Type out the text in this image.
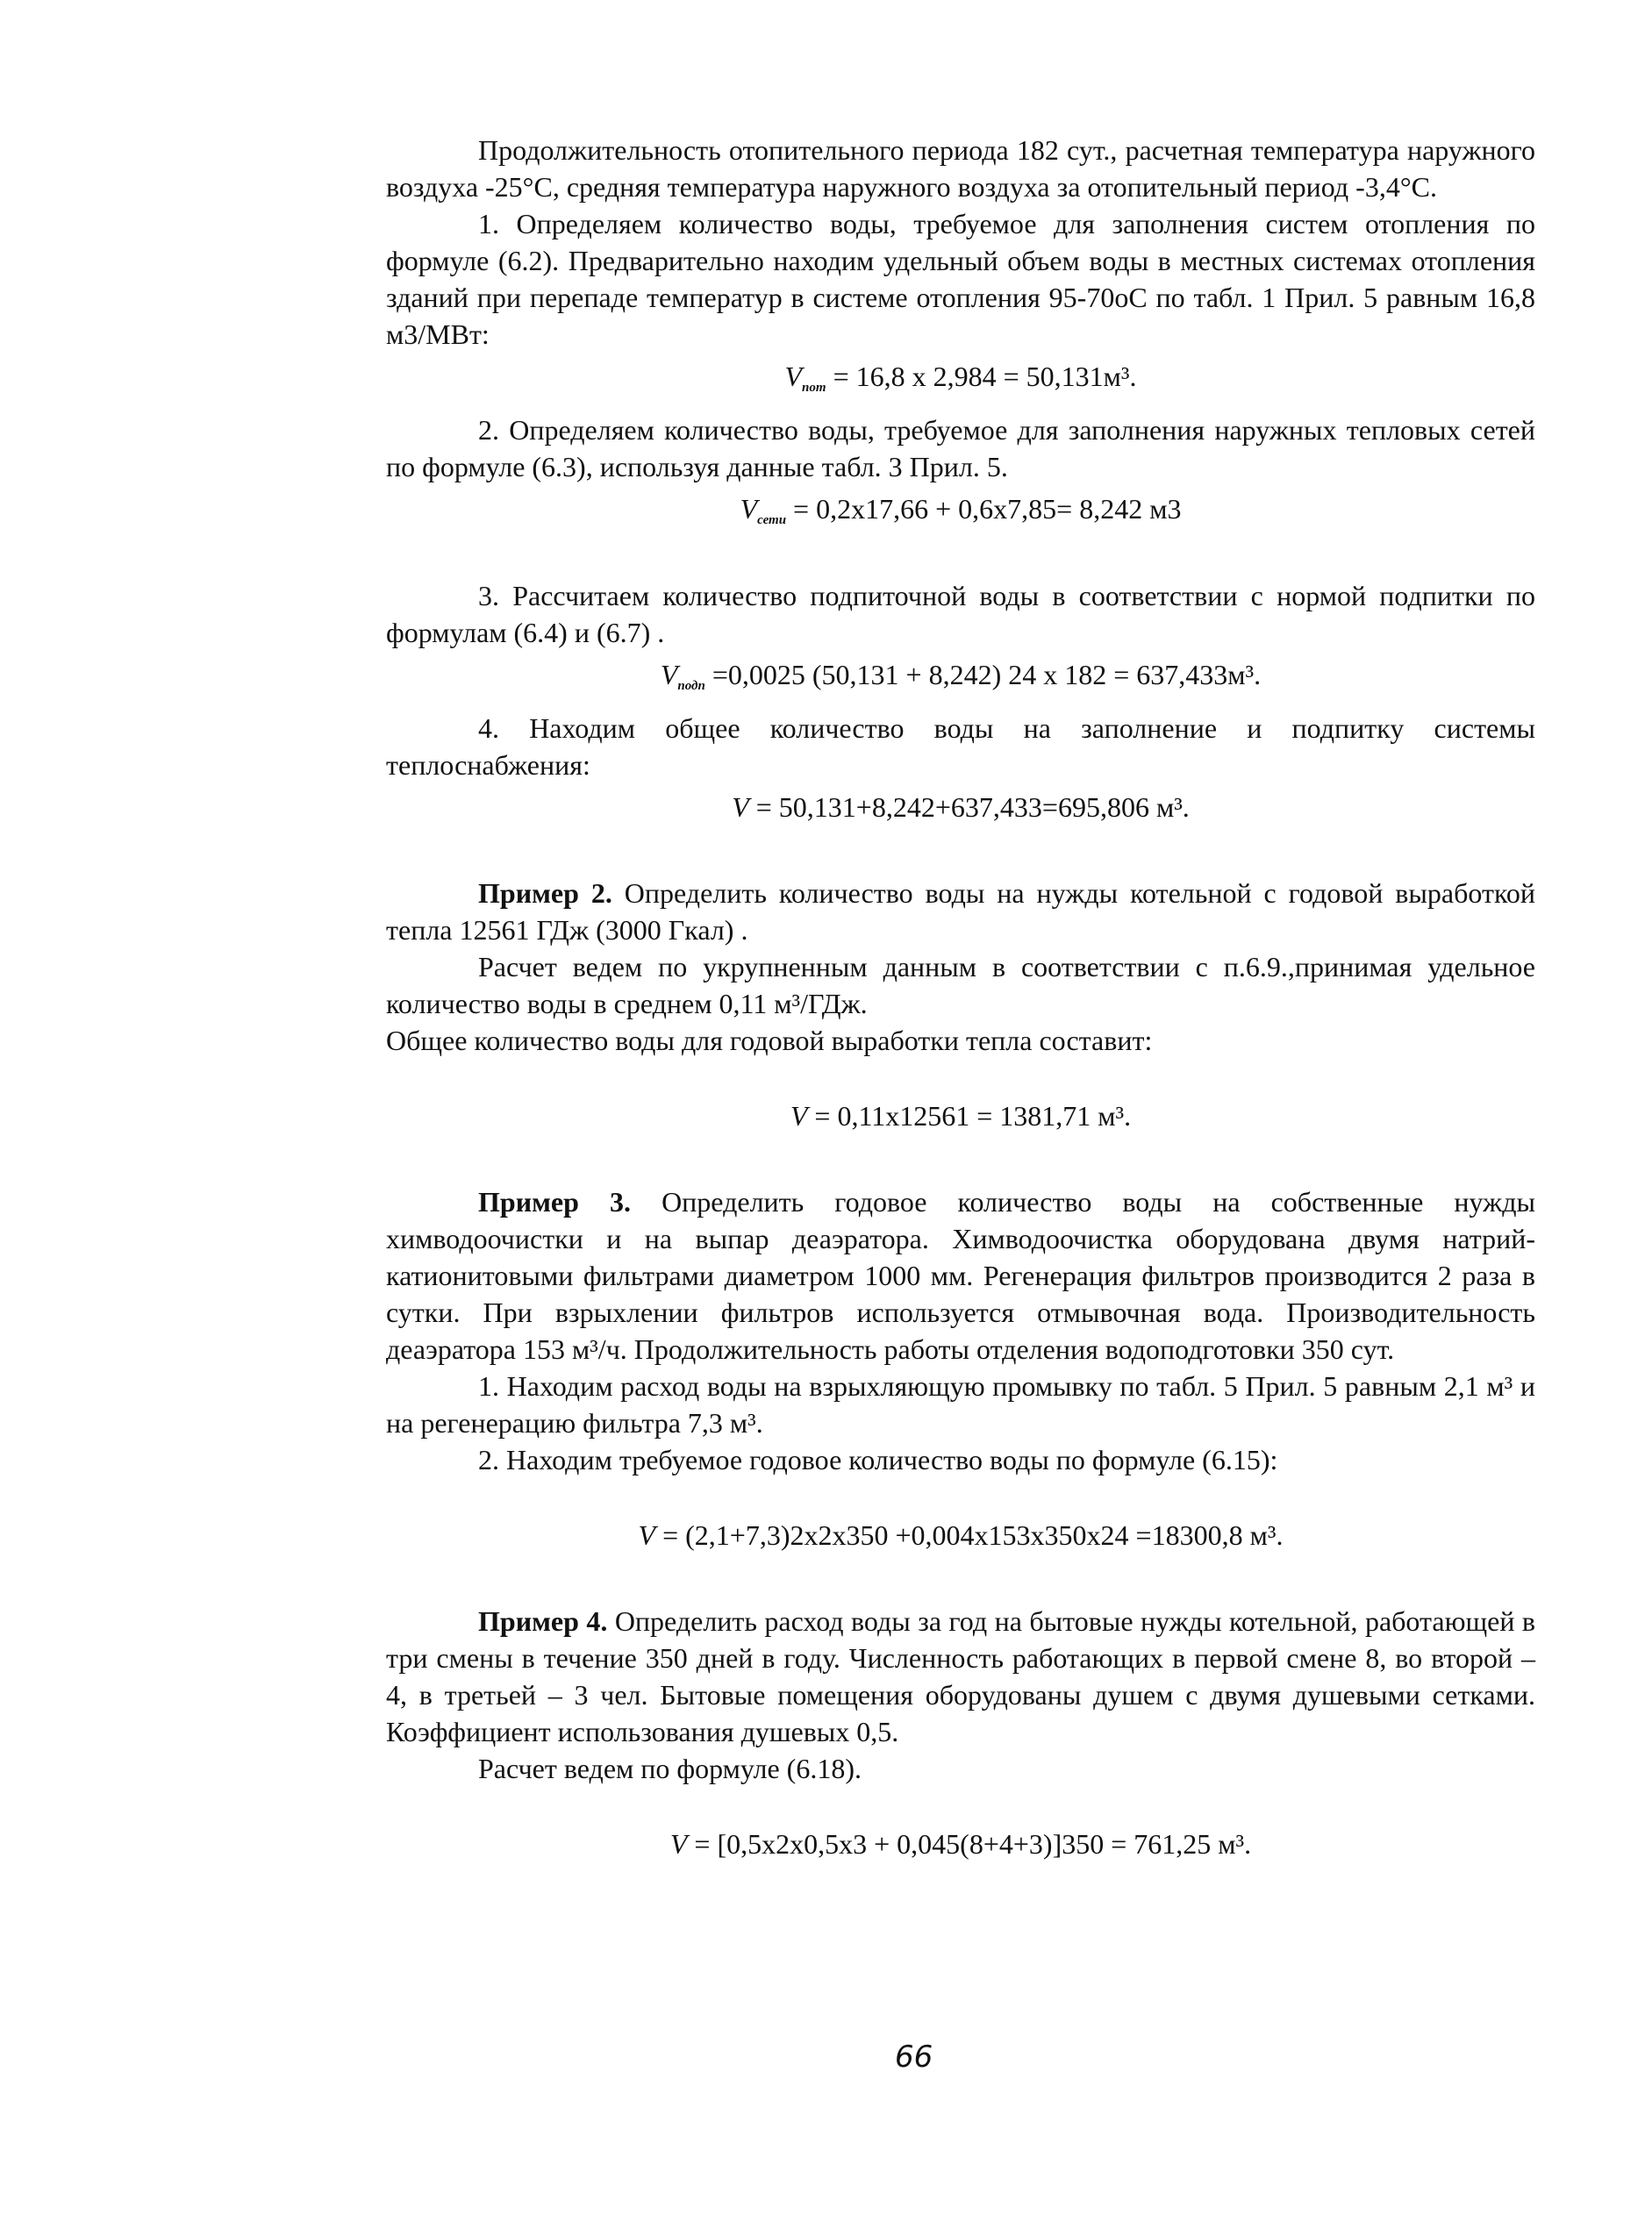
Продолжительность отопительного периода 182 сут., расчетная температура наружного воздуха -25°С, средняя температура наружного воздуха за отопительный период -3,4°С.

1. Определяем количество воды, требуемое для заполнения систем отопления по формуле (6.2). Предварительно находим удельный объем воды в местных системах отопления зданий при перепаде температур в системе отопления 95-70оС по табл. 1 Прил. 5 равным 16,8 м3/МВт:

$V_{пот} = 16,8$ х 2,984 = 50,131м³.

2. Определяем количество воды, требуемое для заполнения наружных тепловых сетей по формуле (6.3), используя данные табл. 3 Прил. 5.

$V_{сети} = 0,2х17,66 + 0,6х7,85= 8,242$ м3

3. Рассчитаем количество подпиточной воды в соответствии с нормой подпитки по формулам (6.4) и (6.7) .

$V_{подп} =0,0025$ (50,131 + 8,242) 24 х 182 = 637,433м³.

4. Находим общее количество воды на заполнение и подпитку системы теплоснабжения:

V = 50,131+8,242+637,433=695,806 м³.

Пример 2. Определить количество воды на нужды котельной с годовой выработкой тепла 12561 ГДж (3000 Гкал) .

Расчет ведем по укрупненным данным в соответствии с п.6.9.,принимая удельное количество воды в среднем 0,11 м³/ГДж.

Общее количество воды для годовой выработки тепла составит:

V = 0,11х12561 = 1381,71 м³.

Пример 3. Определить годовое количество воды на собственные нужды химводоочистки и на выпар деаэратора. Химводоочистка оборудована двумя натрий-катионитовыми фильтрами диаметром 1000 мм. Регенерация фильтров производится 2 раза в сутки. При взрыхлении фильтров используется отмывочная вода. Производительность деаэратора 153 м³/ч. Продолжительность работы отделения водоподготовки 350 сут.

1. Находим расход воды на взрыхляющую промывку по табл. 5 Прил. 5 равным 2,1 м³ и на регенерацию фильтра 7,3 м³.

2. Находим требуемое годовое количество воды по формуле (6.15):

V = (2,1+7,3)2х2х350 +0,004х153х350х24 =18300,8 м³.

Пример 4. Определить расход воды за год на бытовые нужды котельной, работающей в три смены в течение 350 дней в году. Численность работающих в первой смене 8, во второй – 4, в третьей – 3 чел. Бытовые помещения оборудованы душем с двумя душевыми сетками. Коэффициент использования душевых 0,5.

Расчет ведем по формуле (6.18).

V = [0,5х2х0,5х3 + 0,045(8+4+3)]350 = 761,25 м³.
66
